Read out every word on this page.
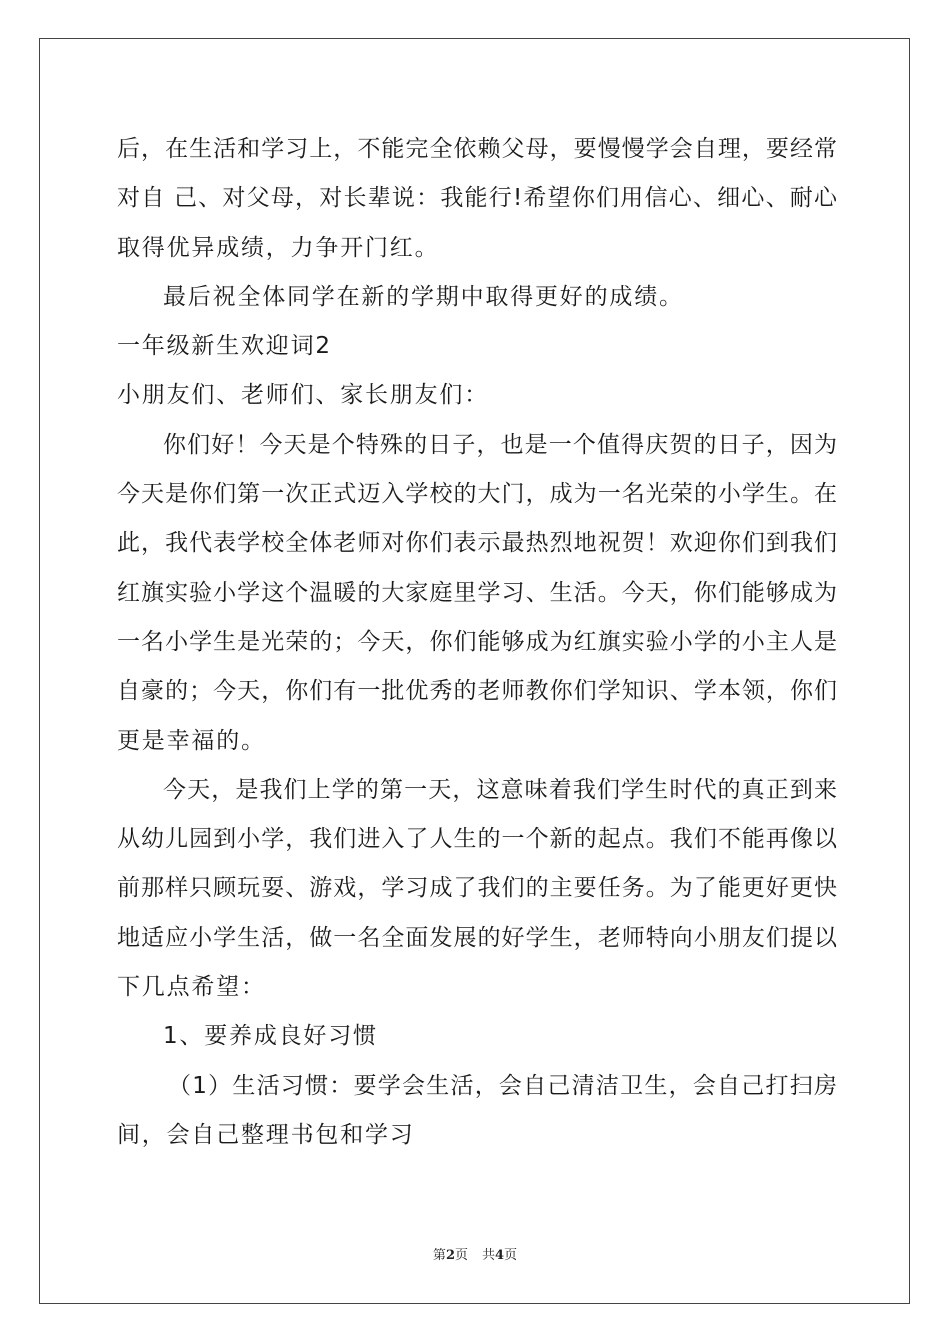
后，在生活和学习上，不能完全依赖父母，要慢慢学会自理，要经常
对自 己、对父母，对长辈说：我能行!希望你们用信心、细心、耐心
取得优异成绩，力争开门红。
最后祝全体同学在新的学期中取得更好的成绩。
一年级新生欢迎词2
小朋友们、老师们、家长朋友们：
你们好！今天是个特殊的日子，也是一个值得庆贺的日子，因为
今天是你们第一次正式迈入学校的大门，成为一名光荣的小学生。在
此，我代表学校全体老师对你们表示最热烈地祝贺！欢迎你们到我们
红旗实验小学这个温暖的大家庭里学习、生活。今天，你们能够成为
一名小学生是光荣的；今天，你们能够成为红旗实验小学的小主人是
自豪的；今天，你们有一批优秀的老师教你们学知识、学本领，你们
更是幸福的。
今天，是我们上学的第一天，这意味着我们学生时代的真正到来
从幼儿园到小学，我们进入了人生的一个新的起点。我们不能再像以
前那样只顾玩耍、游戏，学习成了我们的主要任务。为了能更好更快
地适应小学生活，做一名全面发展的好学生，老师特向小朋友们提以
下几点希望：
1、要养成良好习惯
（1）生活习惯：要学会生活，会自己清洁卫生，会自己打扫房
间，会自己整理书包和学习
第2页 共4页
